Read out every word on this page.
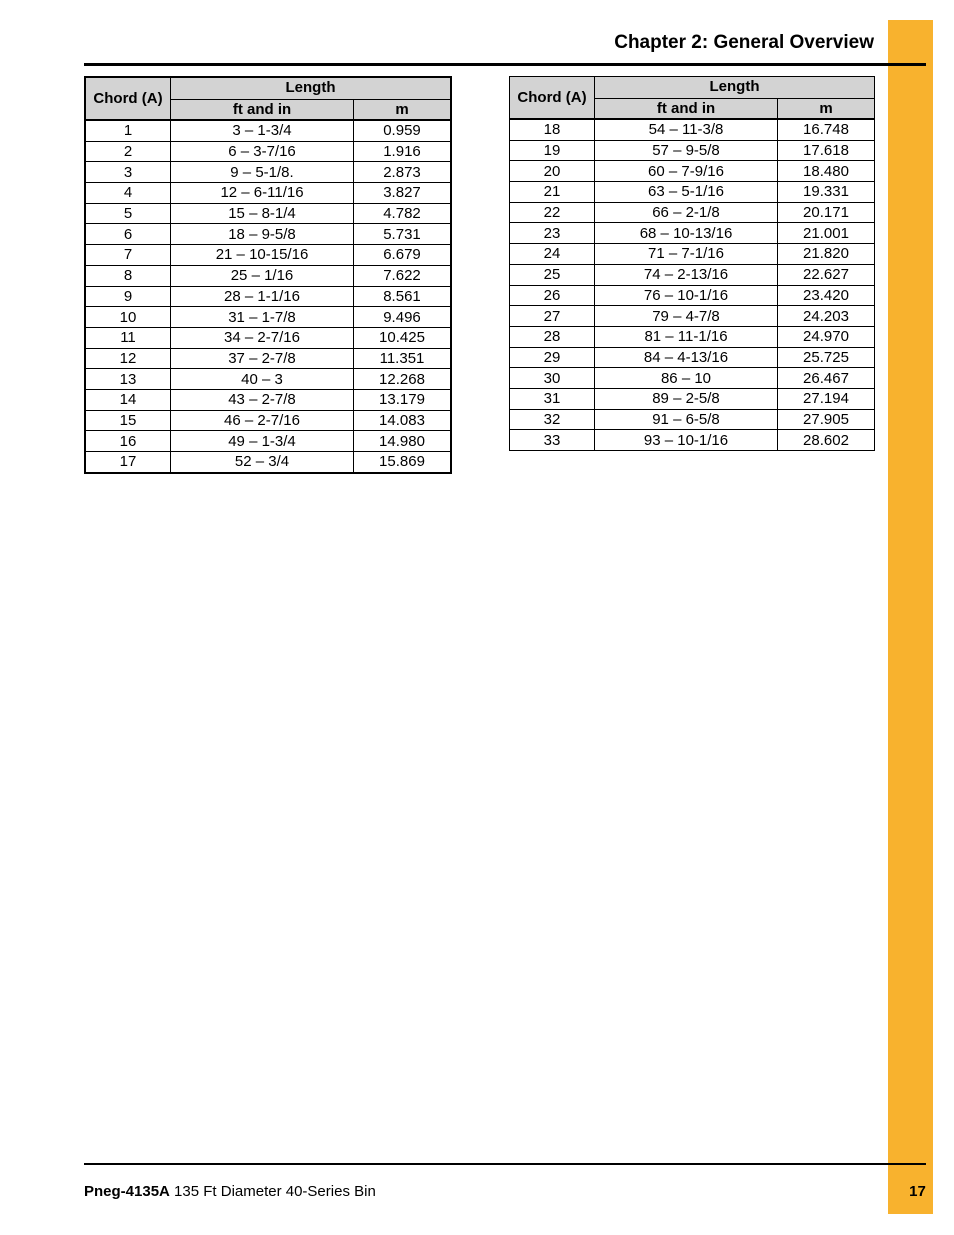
Chapter 2: General Overview
Chord (A)	Length	
	ft and in	m
1	3 – 1-3/4	0.959
2	6 – 3-7/16	1.916
3	9 – 5-1/8.	2.873
4	12 – 6-11/16	3.827
5	15 – 8-1/4	4.782
6	18 – 9-5/8	5.731
7	21 – 10-15/16	6.679
8	25 – 1/16	7.622
9	28 – 1-1/16	8.561
10	31 – 1-7/8	9.496
11	34 – 2-7/16	10.425
12	37 – 2-7/8	11.351
13	40 – 3	12.268
14	43 – 2-7/8	13.179
15	46 – 2-7/16	14.083
16	49 – 1-3/4	14.980
17	52 – 3/4	15.869
Chord (A)	Length	
	ft and in	m
18	54 – 11-3/8	16.748
19	57 – 9-5/8	17.618
20	60 – 7-9/16	18.480
21	63 – 5-1/16	19.331
22	66 – 2-1/8	20.171
23	68 – 10-13/16	21.001
24	71 – 7-1/16	21.820
25	74 – 2-13/16	22.627
26	76 – 10-1/16	23.420
27	79 – 4-7/8	24.203
28	81 – 11-1/16	24.970
29	84 – 4-13/16	25.725
30	86 – 10	26.467
31	89 – 2-5/8	27.194
32	91 – 6-5/8	27.905
33	93 – 10-1/16	28.602
Pneg-4135A 135 Ft Diameter 40-Series Bin	17
